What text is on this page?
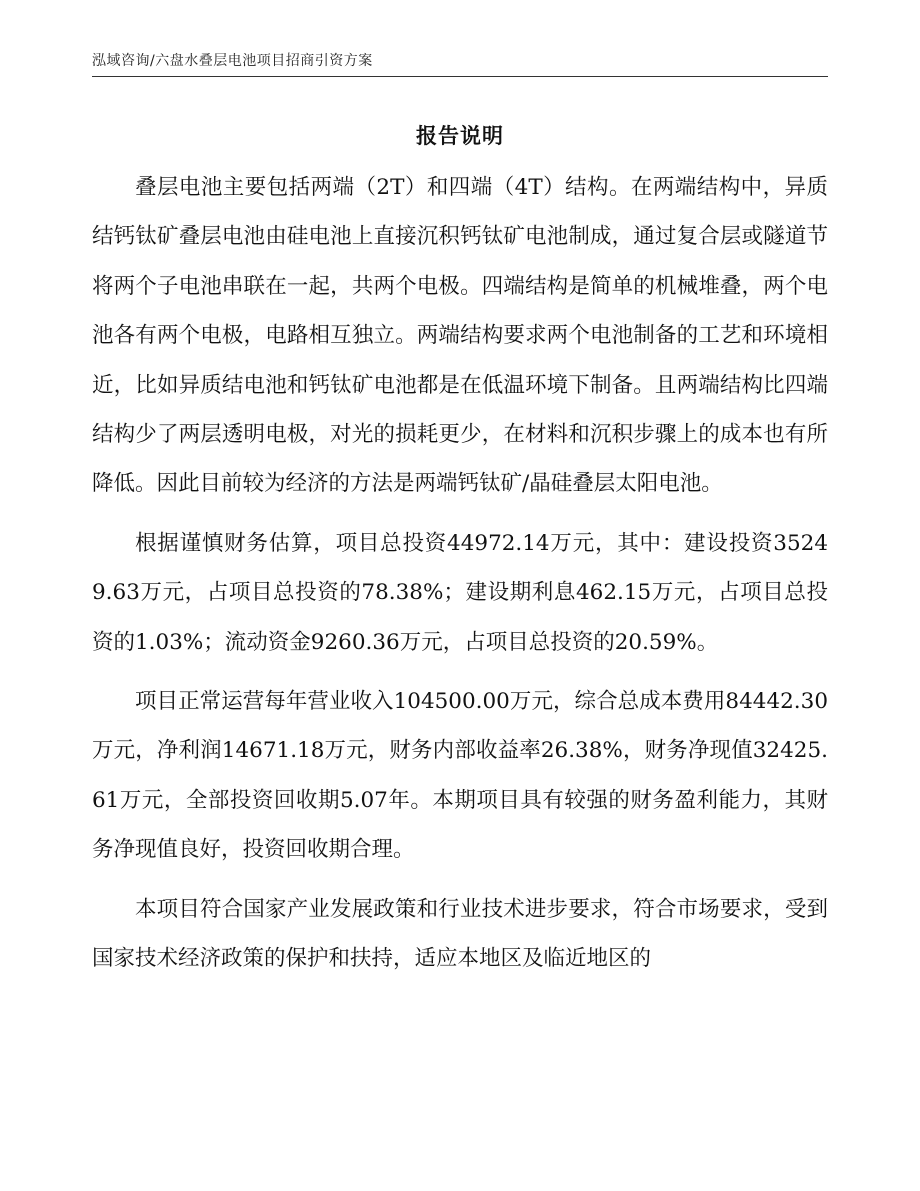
泓域咨询/六盘水叠层电池项目招商引资方案
报告说明

叠层电池主要包括两端（2T）和四端（4T）结构。在两端结构中，异质结钙钛矿叠层电池由硅电池上直接沉积钙钛矿电池制成，通过复合层或隧道节将两个子电池串联在一起，共两个电极。四端结构是简单的机械堆叠，两个电池各有两个电极，电路相互独立。两端结构要求两个电池制备的工艺和环境相近，比如异质结电池和钙钛矿电池都是在低温环境下制备。且两端结构比四端结构少了两层透明电极，对光的损耗更少，在材料和沉积步骤上的成本也有所降低。因此目前较为经济的方法是两端钙钛矿/晶硅叠层太阳电池。

根据谨慎财务估算，项目总投资44972.14万元，其中：建设投资35249.63万元，占项目总投资的78.38%；建设期利息462.15万元，占项目总投资的1.03%；流动资金9260.36万元，占项目总投资的20.59%。

项目正常运营每年营业收入104500.00万元，综合总成本费用84442.30万元，净利润14671.18万元，财务内部收益率26.38%，财务净现值32425.61万元，全部投资回收期5.07年。本期项目具有较强的财务盈利能力，其财务净现值良好，投资回收期合理。

本项目符合国家产业发展政策和行业技术进步要求，符合市场要求，受到国家技术经济政策的保护和扶持，适应本地区及临近地区的
